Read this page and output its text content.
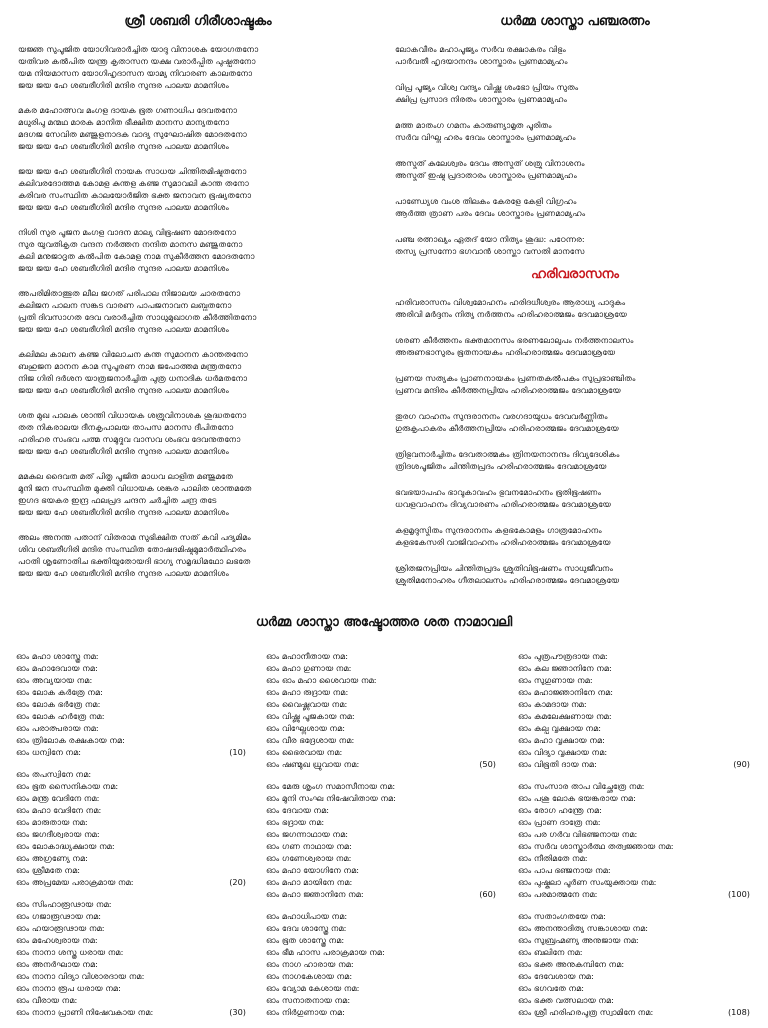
ശ്രീ ശബരി ഗിരീശാഷ്ടകം
യജ്ഞ സുപൂജിത യോഗിവരാർച്ചിത യാദു വിനാശക യോഗതനോ
യതിവര കൽപിത യന്ത്ര കൃതാസന യക്ഷ വരാർപ്പിത പുഷ്പതനോ
യമ നിയമാസന യോഗിഹൃദാസന യാമ്യ നിവാരണ കാലതനോ
ജയ ജയ ഹേ ശബരീഗിരി മന്ദിര സുന്ദര പാലയ മാമനിശം
മകര മഹോത്സവ മംഗള ദായക ഭൂത ഗണാധിപ ദേവതനോ
മധുരിപു മന്മഥ മാരക മാനിത ഭീക്ഷിത മാനസ മാന്യതനോ
മദഗജ സേവിത മഞ്ജുളനാദക വാദ്യ സുഘോഷിത മോദതനോ
ജയ ജയ ഹേ ശബരീഗിരി മന്ദിര സുന്ദര പാലയ മാമനിശം
ജയ ജയ ഹേ ശബരീഗിരി നായക സാധയ ചിന്തിതമിഷ്ടതനോ
കലിവരദോത്തമ കോമള കുന്തള കഞ്ജ സുമാവലി കാന്ത തനോ
കരിവര സംസ്ഥിത കാലയോർജിത ഭക്ത ജനാവന ഭൂഷ്യതനോ
ജയ ജയ ഹേ ശബരീഗിരി മന്ദിര സുന്ദര പാലയ മാമനിശം
നിശി സുര പൂജന മംഗള വാദന മാല്യ വിഭൂഷണ മോദതനോ
സുര യുവതികൃത വന്ദന നർത്തന നന്ദിത മാനസ മഞ്ജുതനോ
കലി മനുജാദൃത കൽപിത കോമള നാമ സുകീർത്തന മോദതനോ
ജയ ജയ ഹേ ശബരീഗിരി മന്ദിര സുന്ദര പാലയ മാമനിശം
അപരിമിതാത്ഭുത ലീല ജഗത് പരിപാല നിജാലയ ചാരതനോ
കലിജന പാലന സങ്കട വാരണ പാപജനാവന ലബ്ധതനോ
പ്രതി ദിവസാഗത ദേവ വരാർച്ചിത സാധുമുഖാഗത കീർത്തിതനോ
ജയ ജയ ഹേ ശബരീഗിരി മന്ദിര സുന്ദര പാലയ മാമനിശം
കലിമല കാലന കഞ്ജ വിലോചന കുന്ത സുമാനന കാന്തതനോ
ബഹുജന മാനന കാമ സുപൂരണ നാമ ജപോത്തമ മന്ത്രതനോ
നിജ ഗിരി ദർശന യാത്രജനാർച്ചിത പുത്ര ധനാദിക ധർമതനോ
ജയ ജയ ഹേ ശബരീഗിരി മന്ദിര സുന്ദര പാലയ മാമനിശം
ശത മുഖ പാലക ശാന്തി വിധായക ശത്രുവിനാശക ശുദ്ധതനോ
തത നികരാലയ ദീനകൃപാലയ താപസ മാനസ ദീപിതനോ
ഹരിഹര സംഭവ പത്മ സമുദ്ഭവ വാസവ ശംഭവ ദേവനുതനോ
ജയ ജയ ഹേ ശബരീഗിരി മന്ദിര സുന്ദര പാലയ മാമനിശം
മമകുല ദൈവത മത് പിതൃ പൂജിത മാധവ ലാളിത മഞ്ജുമതേ
മുനി ജന സംസ്ഥിത മുക്തി വിധായക ശങ്കര പാലിത ശാന്തമതേ
ഇഗദ ഭയകര ഇന്ദ്ര ഫലപ്രദ ചന്ദന ചർച്ചിത ചന്ദ്ര തടേ
ജയ ജയ ഹേ ശബരീഗിരി മന്ദിര സുന്ദര പാലയ മാമനിശം
അലം അനന്ത പതാന് വിതരാമ സുഭിക്ഷിത സത് കവി പദ്യമിമം
ശിവ ശബരീഗിരി മന്ദിര സംസ്ഥിത തോഷദമിഷ്ടമുമാർത്ഥിഹരം
പഠതി ശൃണോതിച ഭക്തിയുതോയദി ഭാഗ്യ സമൃദ്ധിമഥോ ലഭതേ
ജയ ജയ ഹേ ശബരീഗിരി മന്ദിര സുന്ദര പാലയ മാമനിശം
ധർമ്മ ശാസ്താ പഞ്ചരത്നം
ലോകവീരം മഹാപൂജ്യം സർവ രക്ഷാകരം വിഭും
പാർവതീ ഹൃദയാനന്ദം ശാസ്താരം പ്രണമാമ്യഹം
വിപ്ര പൂജ്യം വിശ്വ വന്ദ്യം വിഷ്ണു ശംഭോ പ്രിയം സുതം
ക്ഷിപ്ര പ്രസാദ നിരതം ശാസ്താരം പ്രണമാമ്യഹം
മത്ത മാതംഗ ഗമനം കാരുണ്യാമൃത പൂരിതം
സർവ വിഘ്ന ഹരം ദേവം ശാസ്താരം പ്രണമാമ്യഹം
അസ്മത് കുലേശ്വരം ദേവം അസ്മത് ശത്രു വിനാശനം
അസ്മത് ഇഷ്ട പ്രദാതാരം ശാസ്താരം പ്രണമാമ്യഹം
പാണ്ഡ്യേശ വംശ തിലകം കേരളേ കേളി വിഗ്രഹം
ആർത്ത ത്രാണ പരം ദേവം ശാസ്താരം പ്രണമാമ്യഹം
പഞ്ച രത്നാഖ്യം ഏതദ് യോ നിത്യം ശുദ്ധ: പഠേന്നര:
തസ്യ പ്രസന്നോ ഭഗവാൻ ശാസ്താ വസതി മാനസേ
ഹരിവരാസനം
ഹരിവരാസനം വിശ്വമോഹനം ഹരിദധീശ്വരം ആരാധ്യ പാദുകം
അരിവി മർദ്ദനം നിത്യ നർത്തനം ഹരിഹരാത്മജം ദേവമാശ്രയേ
ശരണ കീർത്തനം ഭക്തമാനസം ഭരണലോലുപം നർത്തനാലസം
അരുണഭാസുരം ഭൂതനായകം ഹരിഹരാത്മജം ദേവമാശ്രയേ
പ്രണയ സത്യകം പ്രാണനായകം പ്രണതകൽപകം സുപ്രഭാഞ്ചിതം
പ്രണവ മന്ദിരം കീർത്തനപ്രിയം ഹരിഹരാത്മജം ദേവമാശ്രയേ
തുരഗ വാഹനം സുന്ദരാനനം വരഗദായുധം ദേവവർണ്ണിതം
ഗുരുകൃപാകരം കീർത്തനപ്രിയം ഹരിഹരാത്മജം ദേവമാശ്രയേ
ത്രിഭുവനാർച്ചിതം ദേവതാത്മകം ത്രിനയനാനന്ദം ദിവ്യദേശികം
ത്രിദശപൂജിതം ചിന്തിതപ്രദം ഹരിഹരാത്മജം ദേവമാശ്രയേ
ഭവഭയാപഹം ഭാവുകാവഹം ഭുവനമോഹനം ഭൂതിഭൂഷണം
ധവളവാഹനം ദിവ്യവാരണം ഹരിഹരാത്മജം ദേവമാശ്രയേ
കളമൃദുസ്മിതം സുന്ദരാനനം കളഭകോമളം ഗാത്രമോഹനം
കളഭകേസരി വാജിവാഹനം ഹരിഹരാത്മജം ദേവമാശ്രയേ
ശ്രിതജനപ്രിയം ചിന്തിതപ്രദം ശ്രുതിവിഭൂഷണം സാധുജീവനം
ശ്രുതിമനോഹരം ഗീതലാലസം ഹരിഹരാത്മജം ദേവമാശ്രയേ
ധർമ്മ ശാസ്താ അഷ്ടോത്തര ശത നാമാവലി
ഓം മഹാ ശാസ്ത്രേ നമ:
ഓം മഹാദേവായ നമ:
ഓം അവ്യയായ നമ:
ഓം ലോക കർത്രേ നമ:
ഓം ലോക ഭർത്രേ നമ:
ഓം ലോക ഹർത്രേ നമ:
ഓം പരാത്പരായ നമ:
ഓം ത്രിലോക രക്ഷകായ നമ:
ഓം ധന്വിനേ നമ:	(10)
ഓം തപസ്വിനേ നമ:
ഓം ഭൂത സൈനികായ നമ:
ഓം മന്ത്ര വേദിനേ നമ:
ഓം മഹാ വേദിനേ നമ:
ഓം മാരുതായ നമ:
ഓം ജഗദീശ്വരായ നമ:
ഓം ലോകാദ്ധ്യക്ഷായ നമ:
ഓം അഗ്രണ്യേ നമ:
ഓം ശ്രീമതേ നമ:
ഓം അപ്രമേയ പരാക്രമായ നമ:	(20)
ഓം സിംഹാരൂഢായ നമ:
ഓം ഗജാരൂഢായ നമ:
ഓം ഹയാരൂഢായ നമ:
ഓം മഹേശ്വരായ നമ:
ഓം നാനാ ശസ്ത്ര ധരായ നമ:
ഓം അനർഘായ നമ:
ഓം നാനാ വിദ്യാ വിശാരദായ നമ:
ഓം നാനാ രൂപ ധരായ നമ:
ഓം വീരായ നമ:
ഓം നാനാ പ്രാണി നിഷേവകായ നമ:	(30)
ഓം മഹാനീതായ നമ:
ഓം മഹാ ഗുണായ നമ:
ഓം ഓം മഹാ ശൈവായ നമ:
ഓം മഹാ രുദ്രായ നമ:
ഓം വൈഷ്ണവായ നമ:
ഓം വിഷ്ണു പൂജകായ നമ:
ഓം വിഘ്നേശായ നമ:
ഓം വീര ഭദ്രേശായ നമ:
ഓം ഭൈരവായ നമ:
ഓം ഷണ്മുഖ ധ്രുവായ നമ:	(50)
ഓം മേരു ശൃംഗ സമാസീനായ നമ:
ഓം മുനി സംഘ നിഷേവിതായ നമ:
ഓം ദേവായ നമ:
ഓം ഭദ്രായ നമ:
ഓം ജഗന്നാഥായ നമ:
ഓം ഗണ നാഥായ നമ:
ഓം ഗണേശ്വരായ നമ:
ഓം മഹാ യോഗിനേ നമ:
ഓം മഹാ മായിനേ നമ:
ഓം മഹാ ജ്ഞാനിനേ നമ:	(60)
ഓം മഹാധിപായ നമ:
ഓം ദേവ ശാസ്ത്രേ നമ:
ഓം ഭൂത ശാസ്ത്രേ നമ:
ഓം ഭീമ ഹാസ പരാക്രമായ നമ:
ഓം നാഗ ഹാരായ നമ:
ഓം നാഗകേശായ നമ:
ഓം വ്യോമ കേശായ നമ:
ഓം സനാതനായ നമ:
ഓം നിർഗുണായ നമ:
ഓം പുത്രപൗത്രദായ നമ:
ഓം കല ജ്ഞാനിനേ നമ:
ഓം സുഗുണായ നമ:
ഓം മഹാജ്ഞാനിനേ നമ:
ഓം കാമദായ നമ:
ഓം കമലേക്ഷണായ നമ:
ഓം കല്പ വൃക്ഷായ നമ:
ഓം മഹാ വൃക്ഷായ നമ:
ഓം വിദ്യാ വൃക്ഷായ നമ:
ഓം വിഭൂതി ദായ നമ:	(90)
ഓം സംസാര താപ വിച്ഛേത്രേ നമ:
ഓം പശു ലോക ഭയങ്കരായ നമ:
ഓം രോഗ ഹന്ത്രേ നമ:
ഓം പ്രാണ ദാത്രേ നമ:
ഓം പര ഗർവ വിഭഞ്ജനായ നമ:
ഓം സർവ ശാസ്ത്രാർത്ഥ തത്വജ്ഞായ നമ:
ഓം നീതിമതേ നമ:
ഓം പാപ ഭഞ്ജനായ നമ:
ഓം പുഷ്കലാ പൂർണ സംയുക്തായ നമ:
ഓം പരമാത്മനേ നമ:	(100)
ഓം സതാംഗതയേ നമ:
ഓം അനന്താദിത്യ സങ്കാശായ നമ:
ഓം സുബ്രഹ്മണ്യ അനുജായ നമ:
ഓം ബലിനേ നമ:
ഓം ഭക്ത അനുകമ്പിനേ നമ:
ഓം ദേവേശായ നമ:
ഓം ഭഗവതേ നമ:
ഓം ഭക്ത വത്സലായ നമ:
ഓം ശ്രീ ഹരിഹരപുത്ര സ്വാമിനേ നമ:	(108)
